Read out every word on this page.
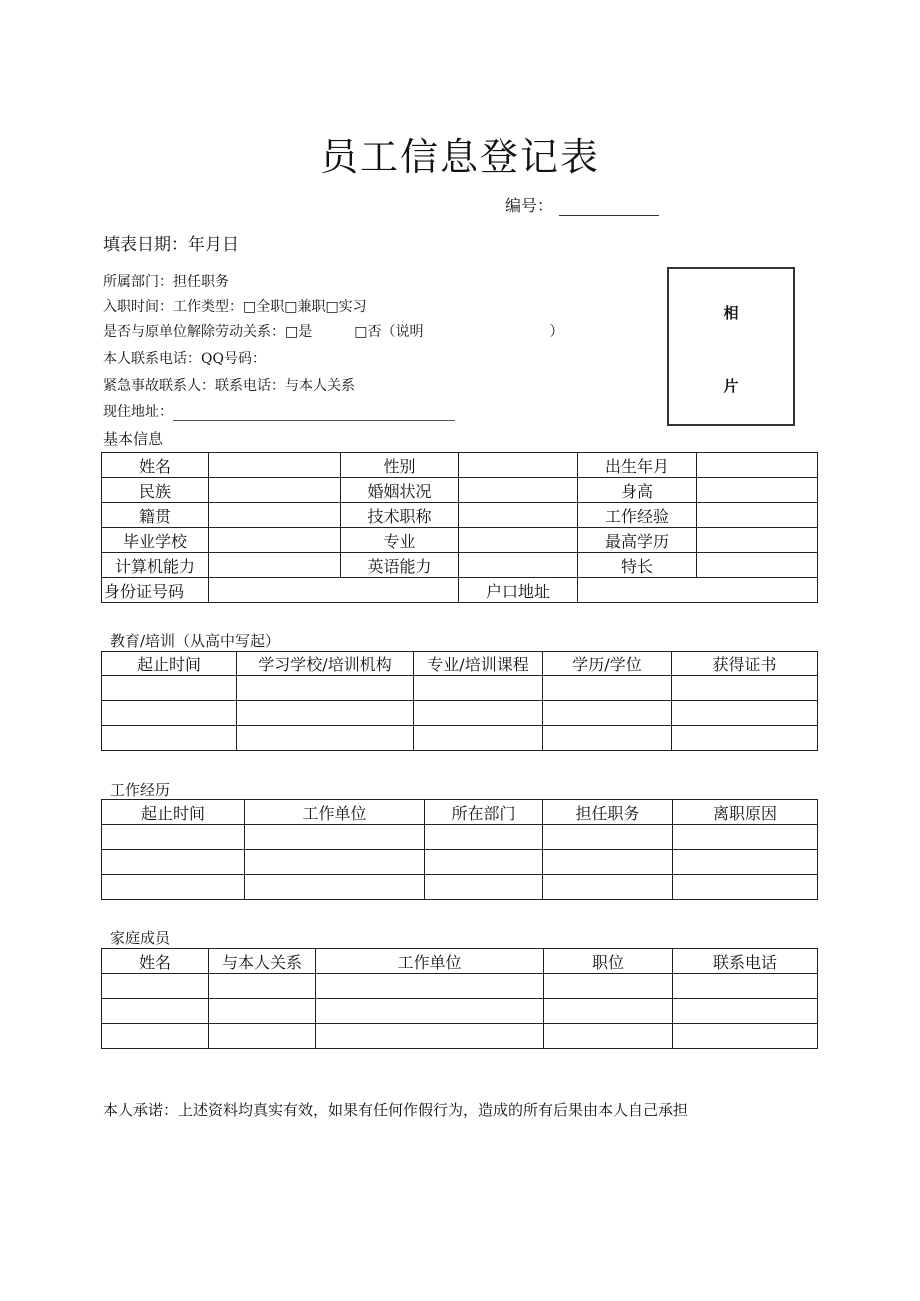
员工信息登记表
编号：
填表日期：年月日
所属部门：担任职务
入职时间：工作类型：□全职□兼职□实习
是否与原单位解除劳动关系：□是　　　□否（说明　　　　　　　　　）
本人联系电话：QQ号码：
紧急事故联系人：联系电话：与本人关系
现住地址：
相
片
基本信息
姓名		性别		出生年月	
民族		婚姻状况		身高	
籍贯		技术职称		工作经验	
毕业学校		专业		最高学历	
计算机能力		英语能力		特长	
身份证号码			户口地址		
教育/培训（从高中写起）
起止时间	学习学校/培训机构	专业/培训课程	学历/学位	获得证书

工作经历
起止时间	工作单位	所在部门	担任职务	离职原因

家庭成员
姓名	与本人关系	工作单位	职位	联系电话

本人承诺：上述资料均真实有效，如果有任何作假行为，造成的所有后果由本人自己承担
